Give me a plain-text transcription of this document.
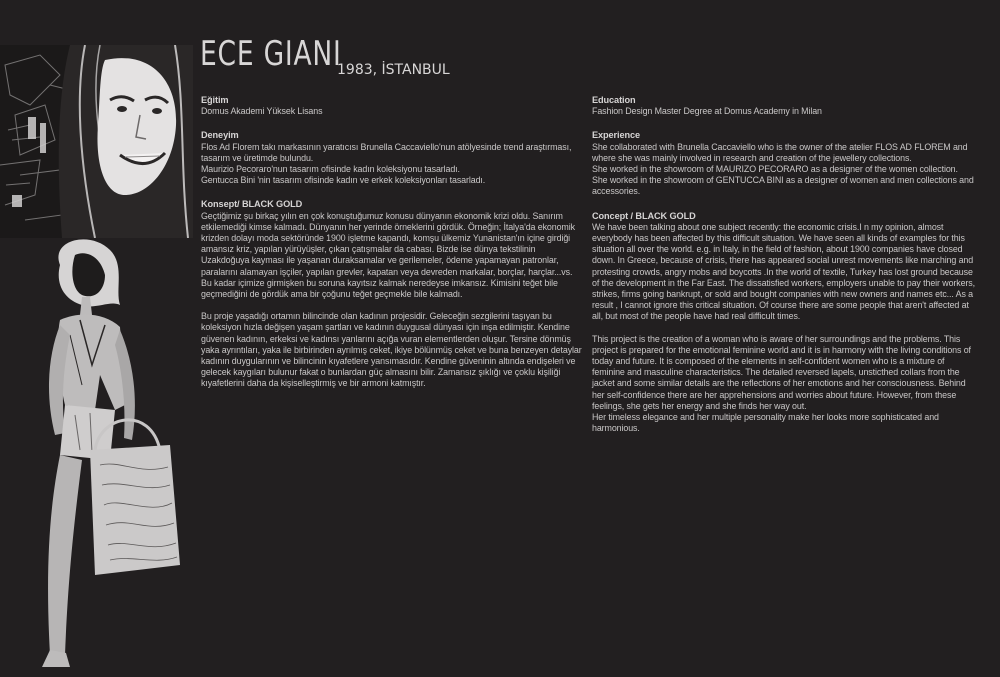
ECE GIANI
1983, İSTANBUL
Eğitim

Domus Akademi Yüksek Lisans

Deneyim

Flos Ad Florem takı markasının yaratıcısı Brunella Caccaviello'nun atölyesinde trend araştırması, tasarım ve üretimde bulundu.
Maurizio Pecoraro'nun tasarım ofisinde kadın koleksiyonu tasarladı.
Gentucca Bini 'nin tasarım ofisinde kadın ve erkek koleksiyonları tasarladı.

Konsept/ BLACK GOLD

Geçtiğimiz şu birkaç yılın en çok konuştuğumuz konusu dünyanın ekonomik krizi oldu. Sanırım etkilemediği kimse kalmadı. Dünyanın her yerinde örneklerini gördük. Örneğin; İtalya'da ekonomik krizden dolayı moda sektöründe 1900 işletme kapandı, komşu ülkemiz Yunanistan'ın içine girdiği amansız kriz, yapılan yürüyüşler, çıkan çatışmalar da cabası. Bizde ise dünya tekstilinin Uzakdoğuya kayması ile yaşanan duraksamalar ve gerilemeler, ödeme yapamayan patronlar, paralarını alamayan işçiler, yapılan grevler, kapatan veya devreden markalar, borçlar, harçlar...vs. Bu kadar içimize girmişken bu soruna kayıtsız kalmak neredeyse imkansız. Kimisini teğet bile geçmediğini de gördük ama bir çoğunu teğet geçmekle bile kalmadı.

Bu proje yaşadığı ortamın bilincinde olan kadının projesidir. Geleceğin sezgilerini taşıyan bu koleksiyon hızla değişen yaşam şartları ve kadının duygusal dünyası için inşa edilmiştir. Kendine güvenen kadının, erkeksi ve kadınsı yanlarını açığa vuran elementlerden oluşur. Tersine dönmüş yaka ayrıntıları, yaka ile birbirinden ayrılmış ceket, ikiye bölünmüş ceket ve buna benzeyen detaylar kadının duygularının ve bilincinin kıyafetlere yansımasıdır. Kendine güveninin altında endişeleri ve gelecek kaygıları bulunur fakat o bunlardan güç almasını bilir. Zamansız şıklığı ve çoklu kişiliği kıyafetlerini daha da kişiselleştirmiş ve bir armoni katmıştır.

Education

Fashion Design Master Degree at Domus Academy in Milan

Experience

She collaborated with Brunella Caccaviello who is the owner of the atelier FLOS AD FLOREM and where she was mainly involved in research and creation of the jewellery collections.
She worked in the showroom of MAURIZO PECORARO as a designer of the women collection.
She worked in the showroom of GENTUCCA BINI as a designer of women and men collections and accessories.

Concept / BLACK GOLD

We have been talking about one subject recently: the economic crisis.I n my opinion, almost everybody has been affected by this difficult situation. We have seen all kinds of examples for this situation all over the world. e.g. in Italy, in the field of fashion, about 1900 companies have closed down. In Greece, because of crisis, there has appeared social unrest movements like marching and protesting crowds, angry mobs and boycotts .In the world of textile, Turkey has lost ground because of the development in the Far East. The dissatisfied workers, employers unable to pay their workers, strikes, firms going bankrupt, or sold and bought companies with new owners and names etc... As a result , I cannot ignore this critical situation. Of course there are some people that aren't affected at all, but most of the people have had real difficult times.

This project is the creation of a woman who is aware of her surroundings and the problems. This project is prepared for the emotional feminine world and it is in harmony with the living conditions of today and future. It is composed of the elements in self-confident women who is a mixture of feminine and masculine characteristics. The detailed reversed lapels, unsticthed collars from the jacket and some similar details are the reflections of her emotions and her consciousness. Behind her self-confidence there are her apprehensions and worries about future. However, from these feelings, she gets her energy and she finds her way out.
Her timeless elegance and her multiple personality make her looks more sophisticated and harmonious.
